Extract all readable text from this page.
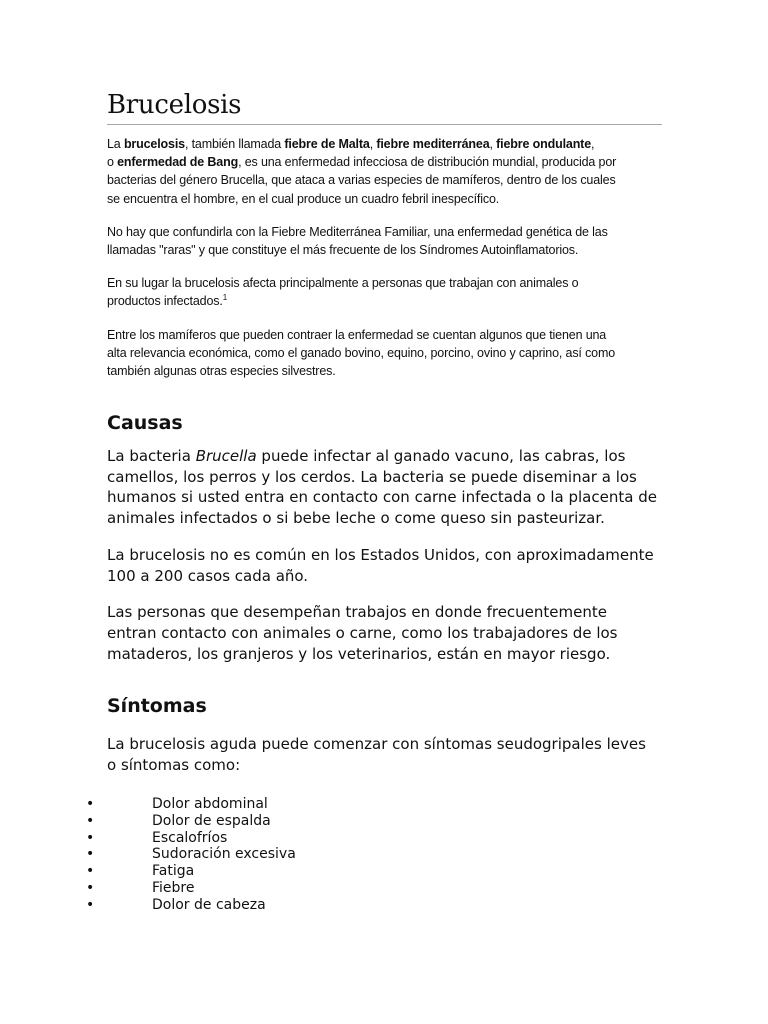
Brucelosis

La brucelosis, también llamada fiebre de Malta, fiebre mediterránea, fiebre ondulante,
o enfermedad de Bang, es una enfermedad infecciosa de distribución mundial, producida por
bacterias del género Brucella, que ataca a varias especies de mamíferos, dentro de los cuales
se encuentra el hombre, en el cual produce un cuadro febril inespecífico.

No hay que confundirla con la Fiebre Mediterránea Familiar, una enfermedad genética de las
llamadas "raras" y que constituye el más frecuente de los Síndromes Autoinflamatorios.

En su lugar la brucelosis afecta principalmente a personas que trabajan con animales o
productos infectados.$^1$

Entre los mamíferos que pueden contraer la enfermedad se cuentan algunos que tienen una
alta relevancia económica, como el ganado bovino, equino, porcino, ovino y caprino, así como
también algunas otras especies silvestres.

Causas

La bacteria Brucella puede infectar al ganado vacuno, las cabras, los
camellos, los perros y los cerdos. La bacteria se puede diseminar a los
humanos si usted entra en contacto con carne infectada o la placenta de
animales infectados o si bebe leche o come queso sin pasteurizar.

La brucelosis no es común en los Estados Unidos, con aproximadamente
100 a 200 casos cada año.

Las personas que desempeñan trabajos en donde frecuentemente
entran contacto con animales o carne, como los trabajadores de los
mataderos, los granjeros y los veterinarios, están en mayor riesgo.

Síntomas

La brucelosis aguda puede comenzar con síntomas seudogripales leves
o síntomas como:

•	Dolor abdominal
•	Dolor de espalda
•	Escalofríos
•	Sudoración excesiva
•	Fatiga
•	Fiebre
•	Dolor de cabeza
